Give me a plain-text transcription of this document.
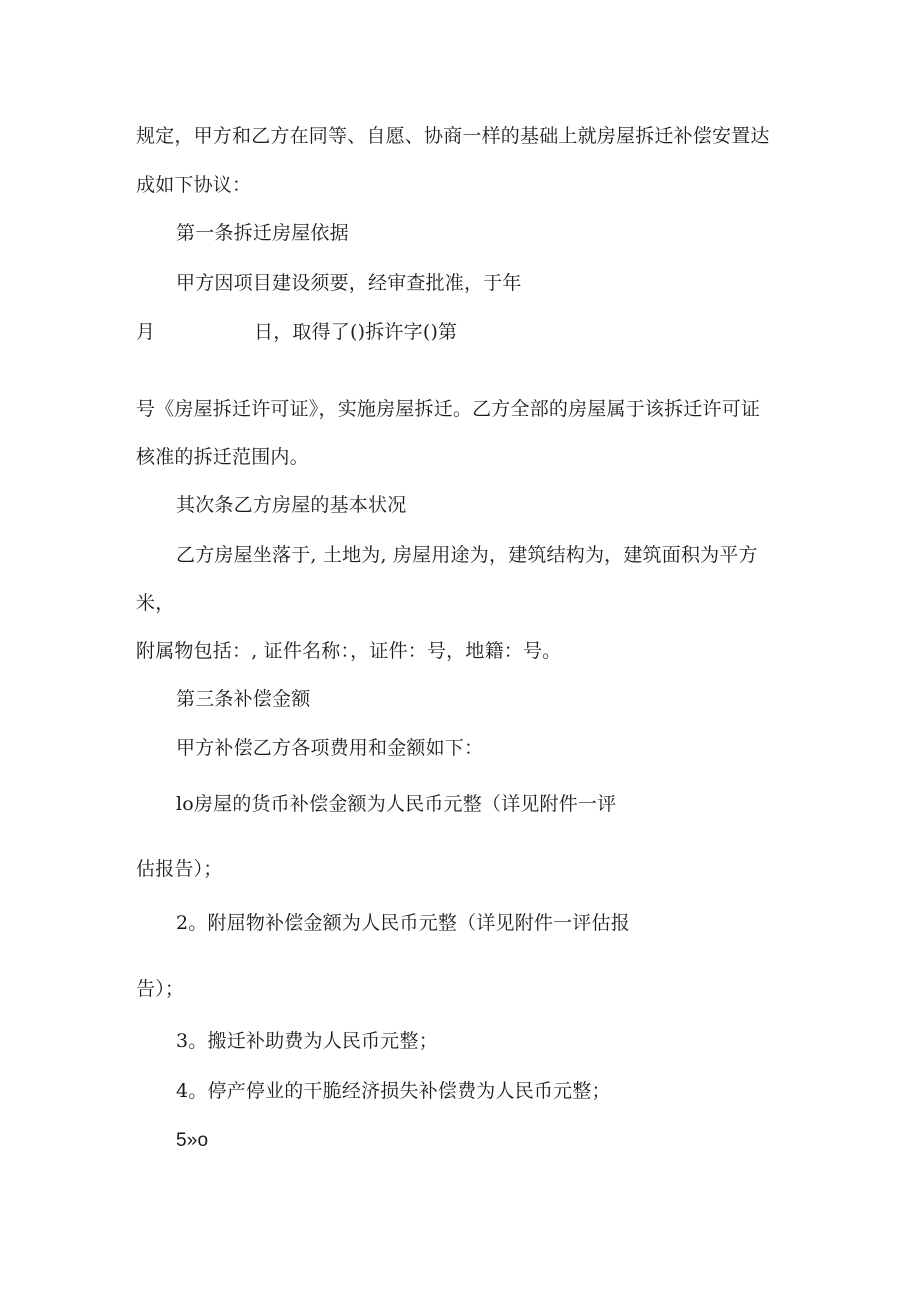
规定，甲方和乙方在同等、自愿、协商一样的基础上就房屋拆迁补偿安置达
成如下协议：
第一条拆迁房屋依据
甲方因项目建设须要，经审查批准，于年
月	日，取得了()拆许字()第
号《房屋拆迁许可证》，实施房屋拆迁。乙方全部的房屋属于该拆迁许可证
核准的拆迁范围内。
其次条乙方房屋的基本状况
乙方房屋坐落于, 土地为, 房屋用途为，建筑结构为，建筑面积为平方
米，
附属物包括：, 证件名称：，证件：号，地籍：号。
第三条补偿金额
甲方补偿乙方各项费用和金额如下：
lo房屋的货币补偿金额为人民币元整（详见附件一评
估报告）；
2。附屈物补偿金额为人民币元整（详见附件一评估报
告）；
3。搬迁补助费为人民币元整；
4。停产停业的干脆经济损失补偿费为人民币元整；
5»o
